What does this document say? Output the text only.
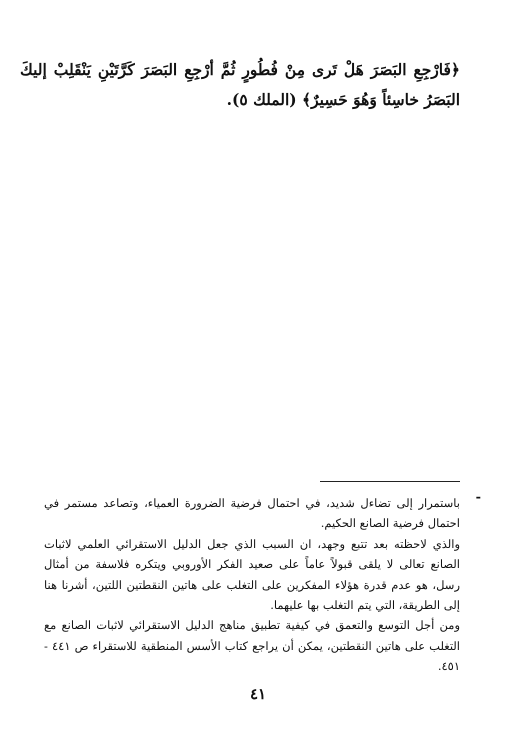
﴿فَارْجِعِ البَصَرَ هَلْ تَرى مِنْ فُطُورٍ ثُمَّ أرْجِعِ البَصَرَ كَرَّتَيْنِ يَنْقَلِبْ إليكَ البَصَرُ خاسِئاً وَهُوَ حَسِيرٌ﴾ (الملك ٥).

-

باستمرار إلى تضاءل شديد، في احتمال فرضية الضرورة العمياء، وتصاعد مستمر في احتمال فرضية الصانع الحكيم.

والذي لاحظته بعد تتبع وجهد، ان السبب الذي جعل الدليل الاستقرائي العلمي لاثبات الصانع تعالى لا يلقى قبولاً عاماً على صعيد الفكر الأوروبي ويتكره فلاسفة من أمثال رسل، هو عدم قدرة هؤلاء المفكرين على التغلب على هاتين النقطتين اللتين، أشرنا هنا إلى الطريقة، التي يتم التغلب بها عليهما.

ومن أجل التوسع والتعمق في كيفية تطبيق مناهج الدليل الاستقرائي لاثبات الصانع مع التغلب على هاتين النقطتين، يمكن أن يراجع كتاب الأسس المنطقية للاستقراء ص ٤٤١ - ٤٥١.

٤١
